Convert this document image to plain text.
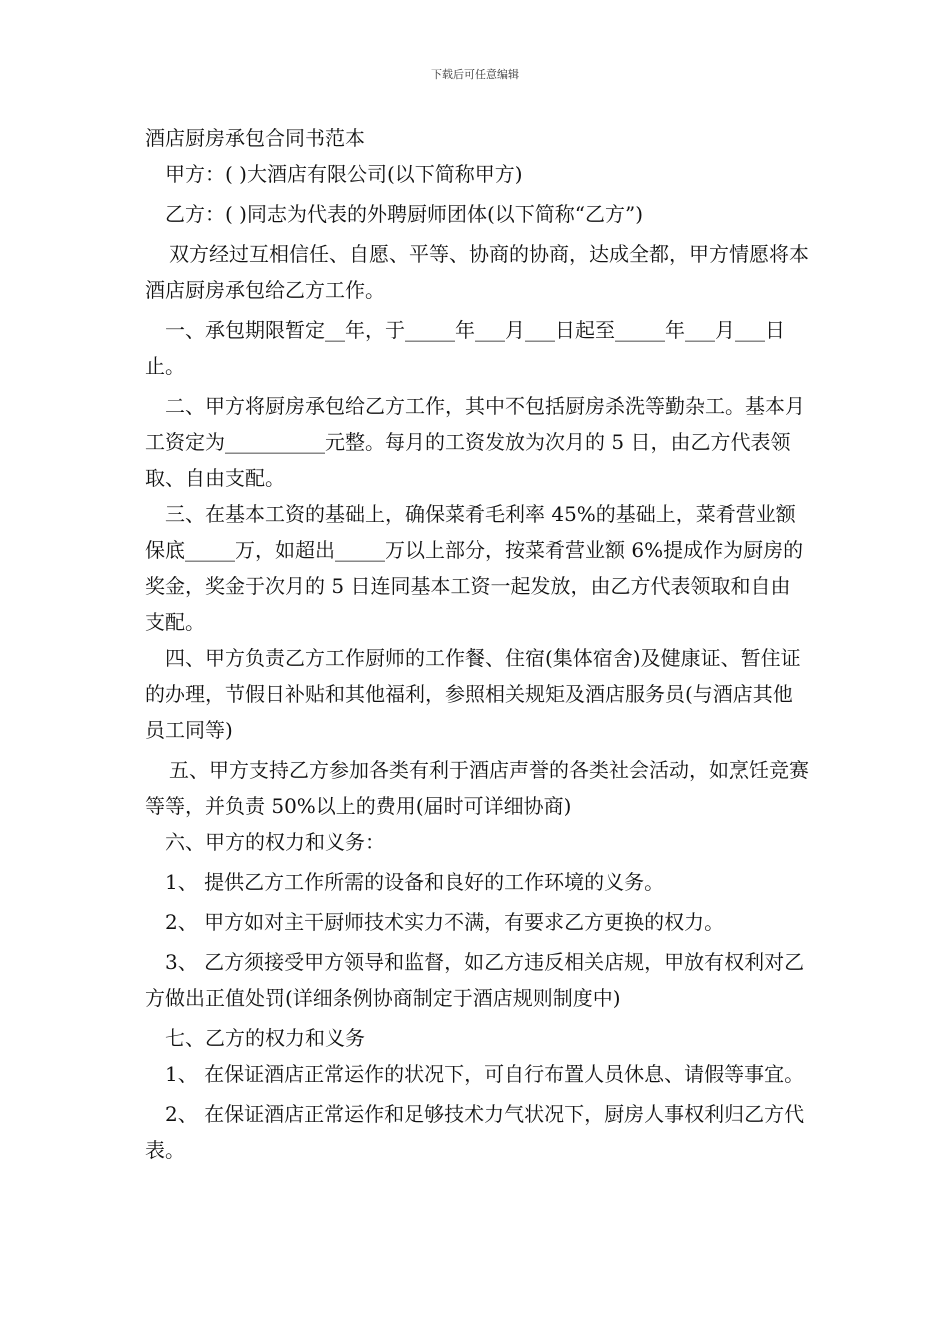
下载后可任意编辑

酒店厨房承包合同书范本

甲方：( )大酒店有限公司(以下简称甲方)

乙方：( )同志为代表的外聘厨师团体(以下简称“乙方”)

双方经过互相信任、自愿、平等、协商的协商，达成全都，甲方情愿将本酒店厨房承包给乙方工作。

一、承包期限暂定__年，于_____年___月___日起至_____年___月___日止。

二、甲方将厨房承包给乙方工作，其中不包括厨房杀洗等勤杂工。基本月工资定为__________元整。每月的工资发放为次月的 5 日，由乙方代表领取、自由支配。

三、在基本工资的基础上，确保菜肴毛利率 45%的基础上，菜肴营业额保底_____万，如超出_____万以上部分，按菜肴营业额 6%提成作为厨房的奖金，奖金于次月的 5 日连同基本工资一起发放，由乙方代表领取和自由支配。

四、甲方负责乙方工作厨师的工作餐、住宿(集体宿舍)及健康证、暂住证的办理，节假日补贴和其他福利，参照相关规矩及酒店服务员(与酒店其他员工同等)

五、甲方支持乙方参加各类有利于酒店声誉的各类社会活动，如烹饪竞赛等等，并负责 50%以上的费用(届时可详细协商)

六、甲方的权力和义务：

1、 提供乙方工作所需的设备和良好的工作环境的义务。

2、 甲方如对主干厨师技术实力不满，有要求乙方更换的权力。

3、 乙方须接受甲方领导和监督，如乙方违反相关店规，甲放有权利对乙方做出正值处罚(详细条例协商制定于酒店规则制度中)

七、乙方的权力和义务

1、 在保证酒店正常运作的状况下，可自行布置人员休息、请假等事宜。

2、 在保证酒店正常运作和足够技术力气状况下，厨房人事权利归乙方代表。
